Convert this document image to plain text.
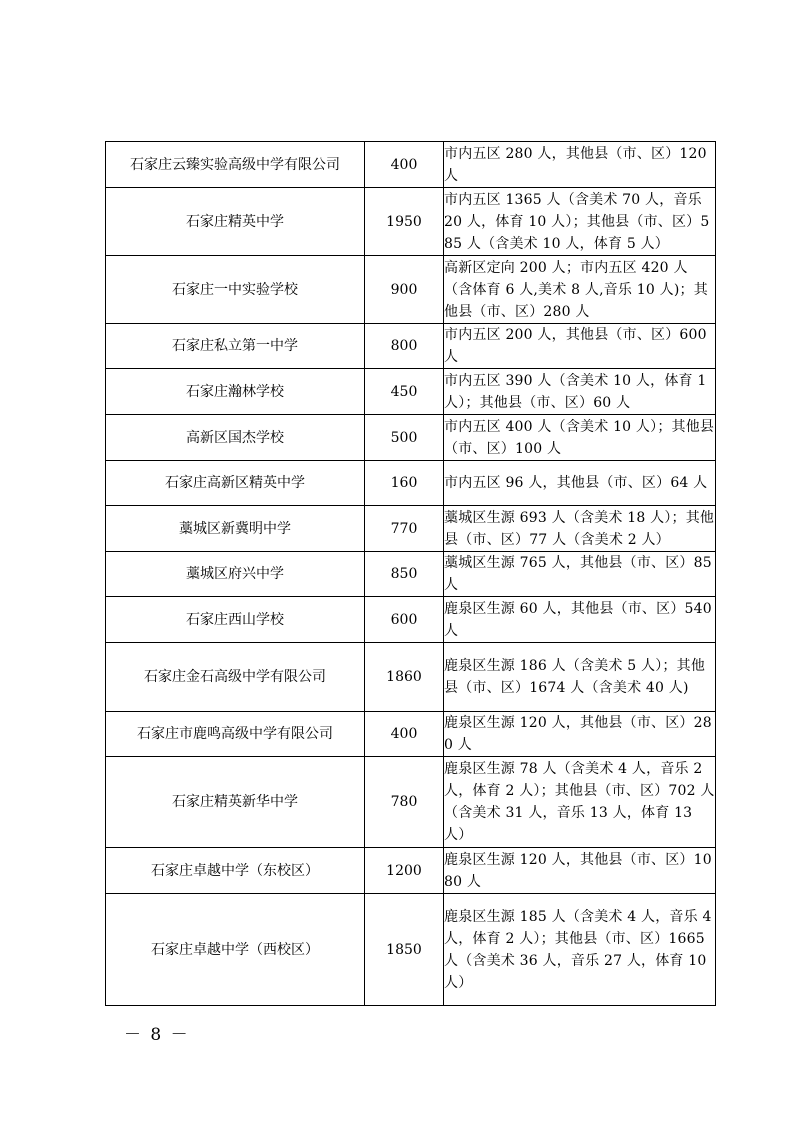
石家庄云臻实验高级中学有限公司	400	市内五区 280 人，其他县（市、区）120 人
石家庄精英中学	1950	市内五区 1365 人（含美术 70 人，音乐 20 人，体育 10 人）；其他县（市、区）585 人（含美术 10 人，体育 5 人）
石家庄一中实验学校	900	高新区定向 200 人；市内五区 420 人（含体育 6 人,美术 8 人,音乐 10 人)；其他县（市、区）280 人
石家庄私立第一中学	800	市内五区 200 人，其他县（市、区）600 人
石家庄瀚林学校	450	市内五区 390 人（含美术 10 人，体育 1 人）；其他县（市、区）60 人
高新区国杰学校	500	市内五区 400 人（含美术 10 人）；其他县（市、区）100 人
石家庄高新区精英中学	160	市内五区 96 人，其他县（市、区）64 人
藁城区新冀明中学	770	藁城区生源 693 人（含美术 18 人）；其他县（市、区）77 人（含美术 2 人）
藁城区府兴中学	850	藁城区生源 765 人，其他县（市、区）85 人
石家庄西山学校	600	鹿泉区生源 60 人，其他县（市、区）540 人
石家庄金石高级中学有限公司	1860	鹿泉区生源 186 人（含美术 5 人）；其他县（市、区）1674 人（含美术 40 人)
石家庄市鹿鸣高级中学有限公司	400	鹿泉区生源 120 人，其他县（市、区）280 人
石家庄精英新华中学	780	鹿泉区生源 78 人（含美术 4 人，音乐 2 人，体育 2 人）；其他县（市、区）702 人（含美术 31 人，音乐 13 人，体育 13 人）
石家庄卓越中学（东校区）	1200	鹿泉区生源 120 人，其他县（市、区）1080 人
石家庄卓越中学（西校区）	1850	鹿泉区生源 185 人（含美术 4 人，音乐 4 人，体育 2 人）；其他县（市、区）1665 人（含美术 36 人，音乐 27 人，体育 10 人）
－ 8 －
